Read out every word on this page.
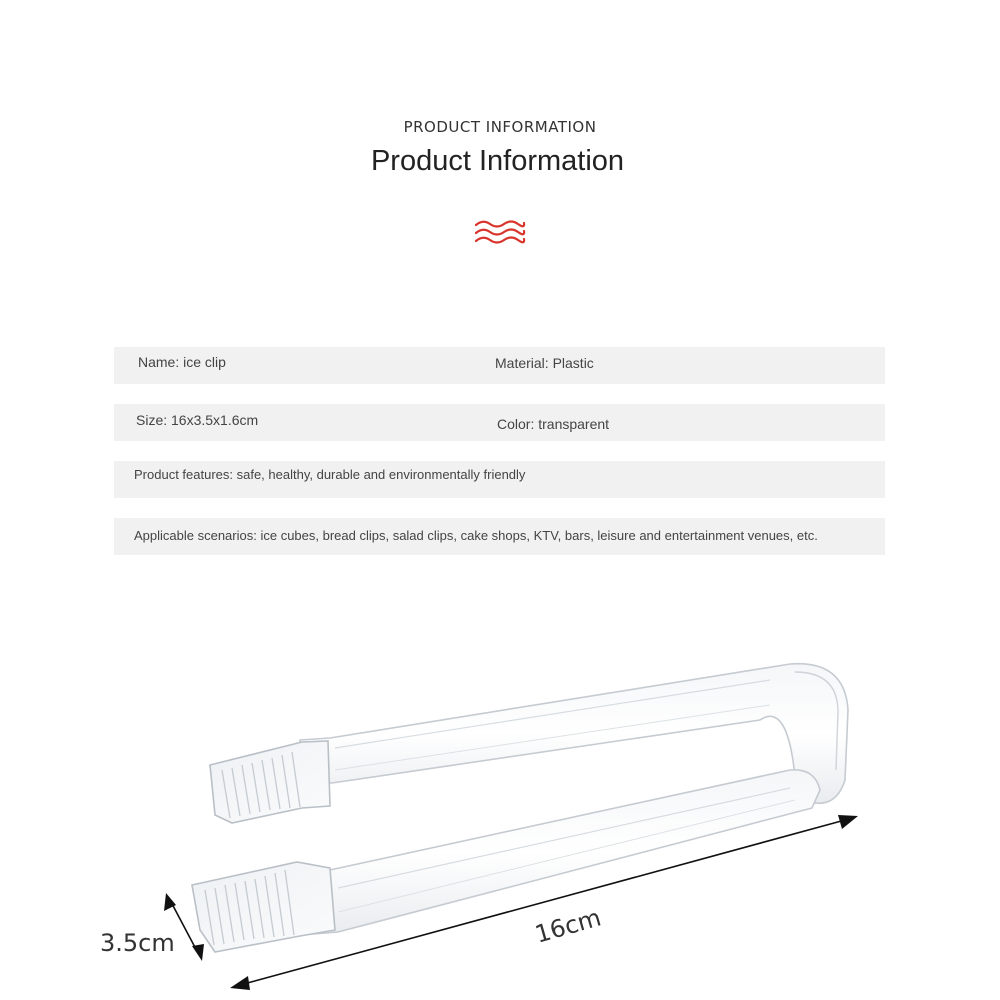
PRODUCT INFORMATION
Product Information
Name: ice clip	Material: Plastic
Size: 16x3.5x1.6cm	Color: transparent
Product features: safe, healthy, durable and environmentally friendly
Applicable scenarios: ice cubes, bread clips, salad clips, cake shops, KTV, bars, leisure and entertainment venues, etc.
16cm
3.5cm
